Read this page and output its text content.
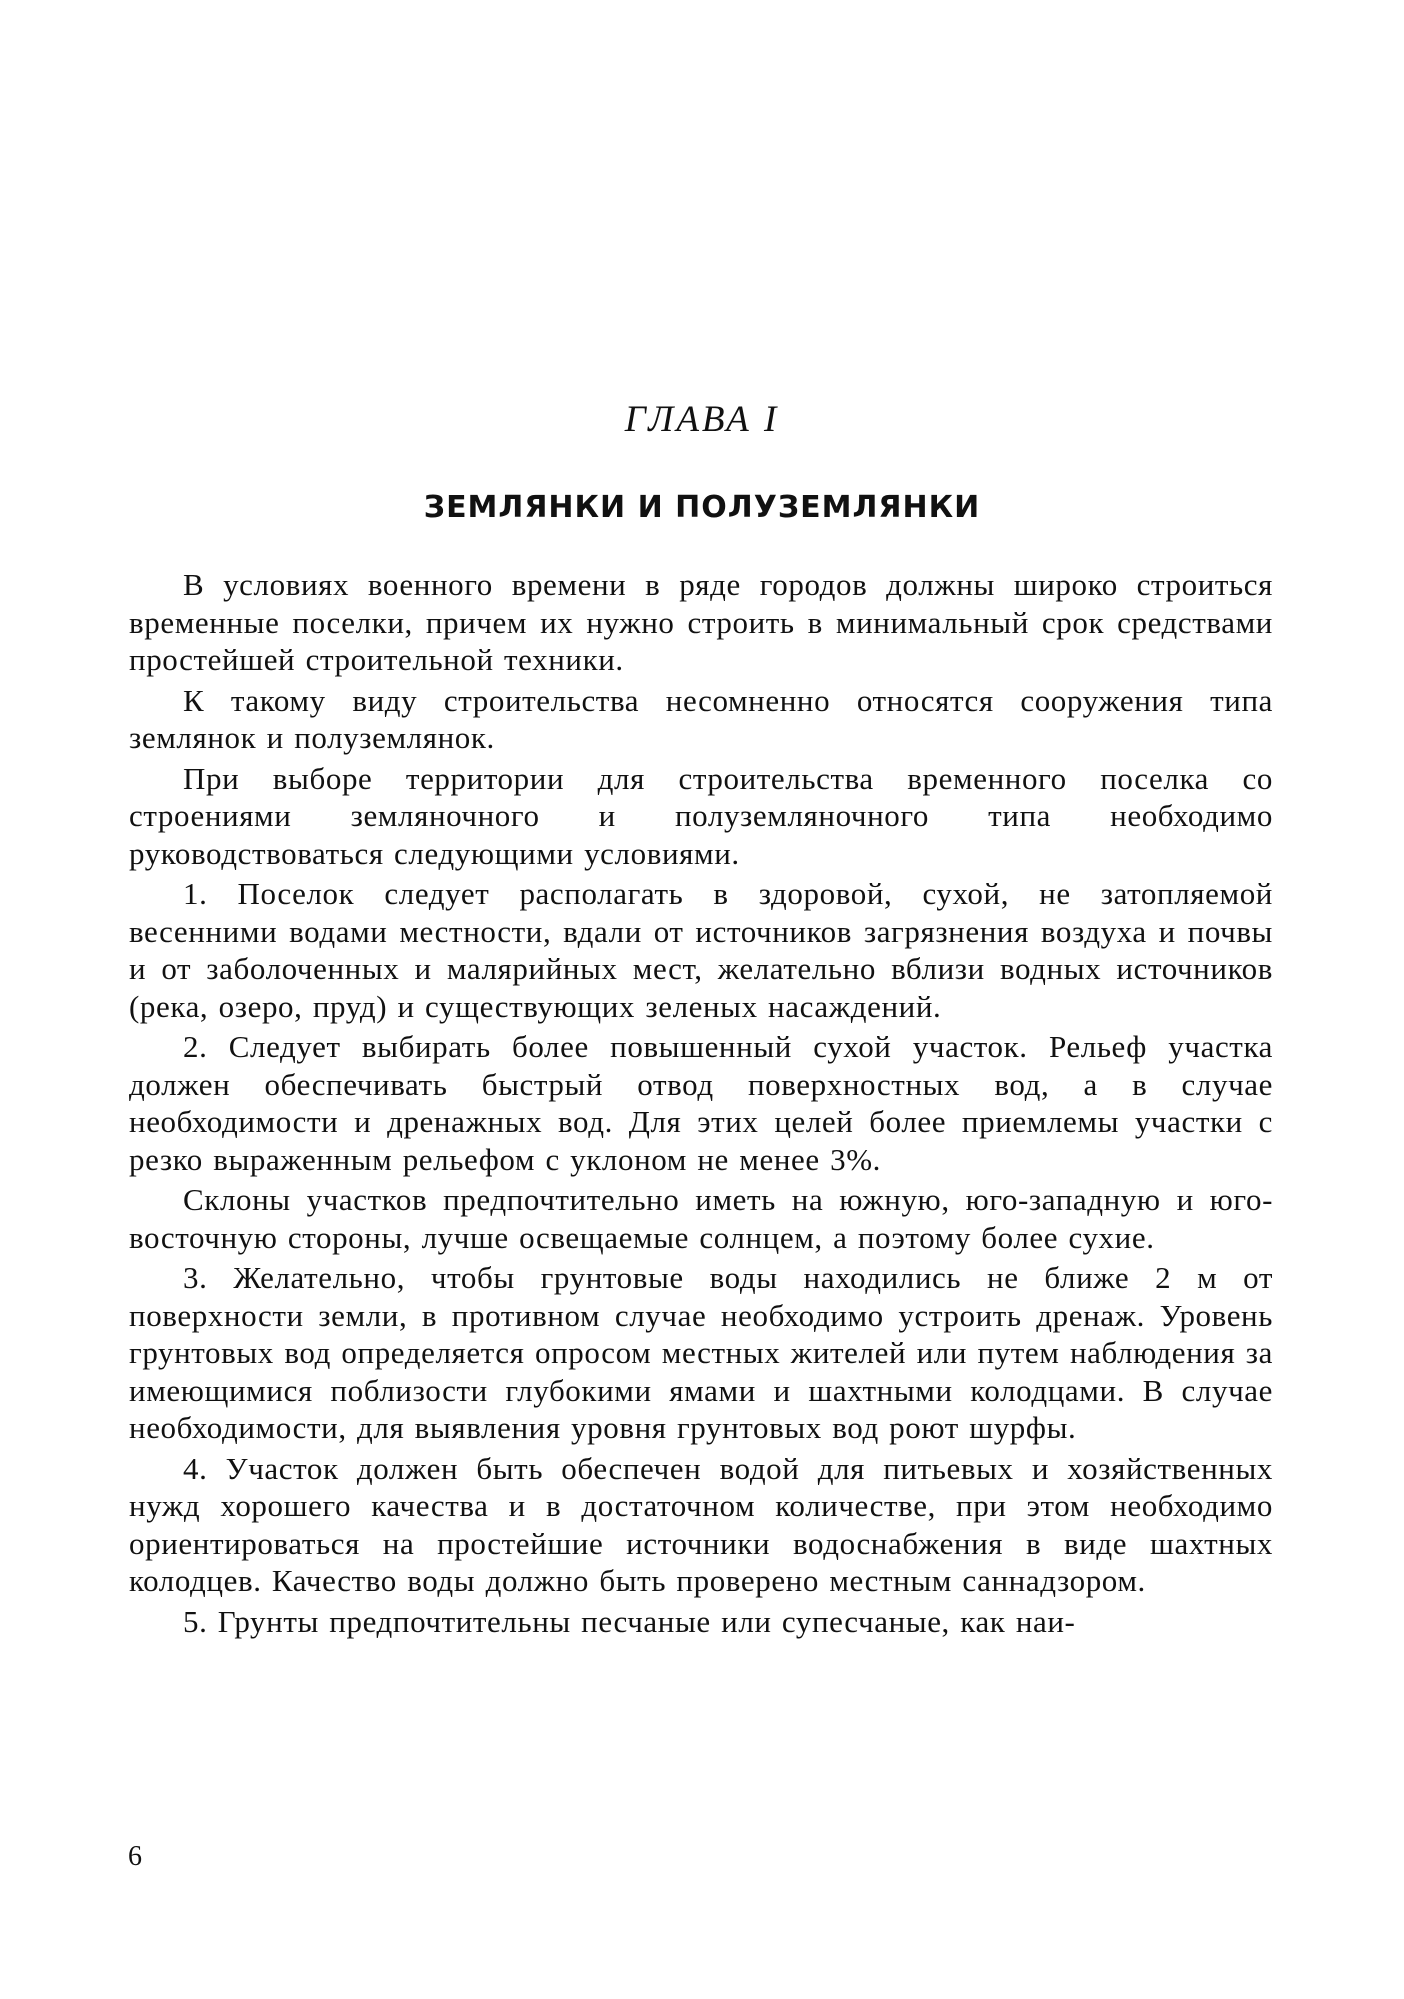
ГЛАВА I
ЗЕМЛЯНКИ И ПОЛУЗЕМЛЯНКИ

В условиях военного времени в ряде городов должны широко строиться временные поселки, причем их нужно строить в минимальный срок средствами простейшей строительной техники.

К такому виду строительства несомненно относятся сооружения типа землянок и полуземлянок.

При выборе территории для строительства временного поселка со строениями земляночного и полуземляночного типа необходимо руководствоваться следующими условиями.

1. Поселок следует располагать в здоровой, сухой, не затопляемой весенними водами местности, вдали от источников загрязнения воздуха и почвы и от заболоченных и малярийных мест, желательно вблизи водных источников (река, озеро, пруд) и существующих зеленых насаждений.

2. Следует выбирать более повышенный сухой участок. Рельеф участка должен обеспечивать быстрый отвод поверхностных вод, а в случае необходимости и дренажных вод. Для этих целей более приемлемы участки с резко выраженным рельефом с уклоном не менее 3%.

Склоны участков предпочтительно иметь на южную, юго-западную и юго-восточную стороны, лучше освещаемые солнцем, а поэтому более сухие.

3. Желательно, чтобы грунтовые воды находились не ближе 2 м от поверхности земли, в противном случае необходимо устроить дренаж. Уровень грунтовых вод определяется опросом местных жителей или путем наблюдения за имеющимися поблизости глубокими ямами и шахтными колодцами. В случае необходимости, для выявления уровня грунтовых вод роют шурфы.

4. Участок должен быть обеспечен водой для питьевых и хозяйственных нужд хорошего качества и в достаточном количестве, при этом необходимо ориентироваться на простейшие источники водоснабжения в виде шахтных колодцев. Качество воды должно быть проверено местным саннадзором.

5. Грунты предпочтительны песчаные или супесчаные, как наи-

6
